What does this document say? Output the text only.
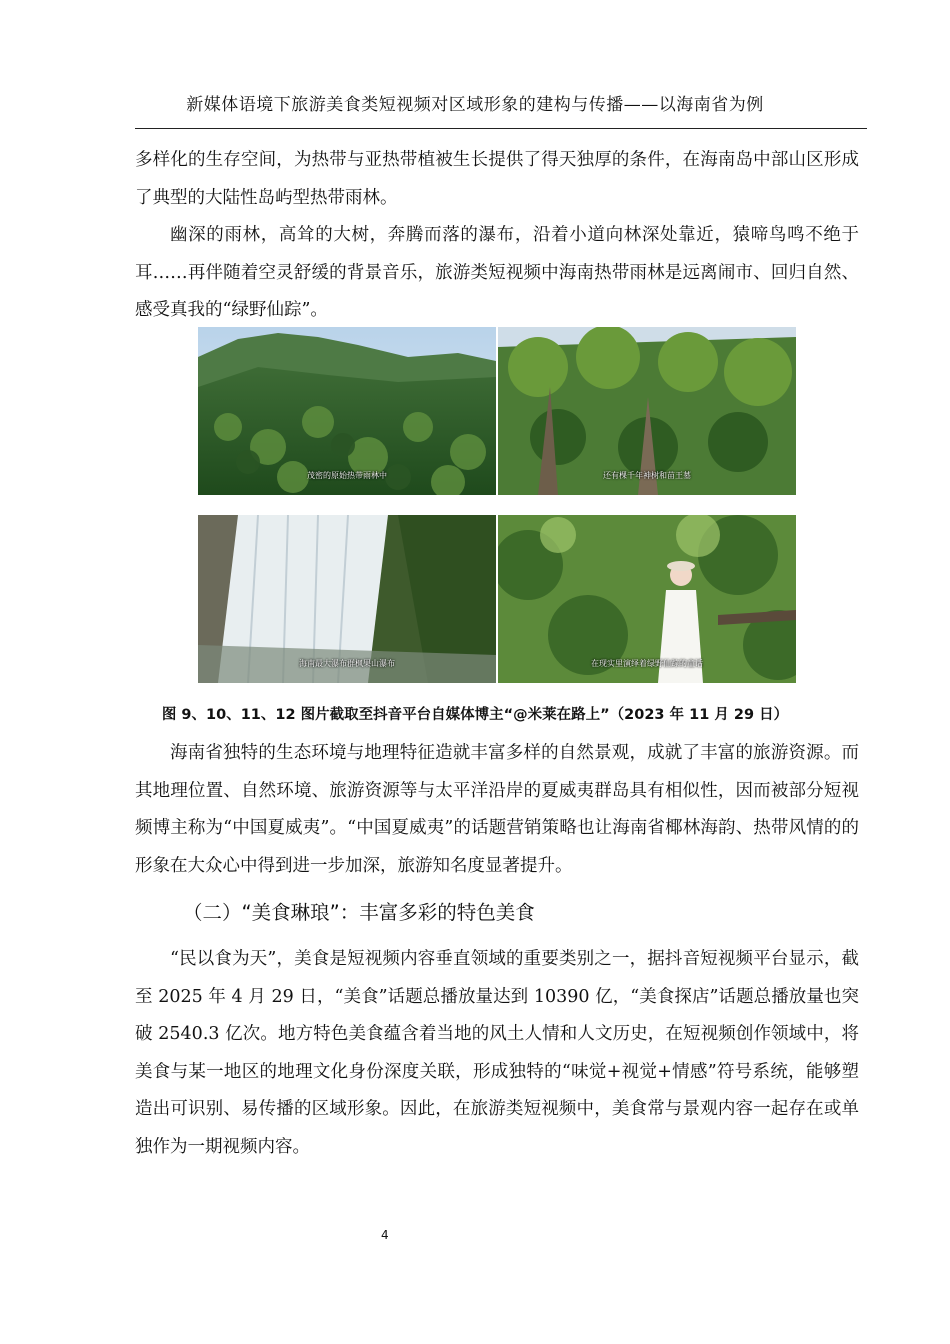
新媒体语境下旅游美食类短视频对区域形象的建构与传播——以海南省为例

多样化的生存空间，为热带与亚热带植被生长提供了得天独厚的条件，在海南岛中部山区形成了典型的大陆性岛屿型热带雨林。

幽深的雨林，高耸的大树，奔腾而落的瀑布，沿着小道向林深处靠近，猿啼鸟鸣不绝于耳……再伴随着空灵舒缓的背景音乐，旅游类短视频中海南热带雨林是远离闹市、回归自然、感受真我的“绿野仙踪”。

茂密的原始热带雨林中	还有棵千年神树和苗王墓
海南最大瀑布群枫果山瀑布	在现实里演绎着绿野仙踪的童话
图 9、10、11、12 图片截取至抖音平台自媒体博主“@米莱在路上”（2023 年 11 月 29 日）

海南省独特的生态环境与地理特征造就丰富多样的自然景观，成就了丰富的旅游资源。而其地理位置、自然环境、旅游资源等与太平洋沿岸的夏威夷群岛具有相似性，因而被部分短视频博主称为“中国夏威夷”。“中国夏威夷”的话题营销策略也让海南省椰林海韵、热带风情的的形象在大众心中得到进一步加深，旅游知名度显著提升。

（二）“美食琳琅”：丰富多彩的特色美食

“民以食为天”，美食是短视频内容垂直领域的重要类别之一，据抖音短视频平台显示，截至 2025 年 4 月 29 日，“美食”话题总播放量达到 10390 亿，“美食探店”话题总播放量也突破 2540.3 亿次。地方特色美食蕴含着当地的风土人情和人文历史，在短视频创作领域中，将美食与某一地区的地理文化身份深度关联，形成独特的“味觉+视觉+情感”符号系统，能够塑造出可识别、易传播的区域形象。因此，在旅游类短视频中，美食常与景观内容一起存在或单独作为一期视频内容。

4
